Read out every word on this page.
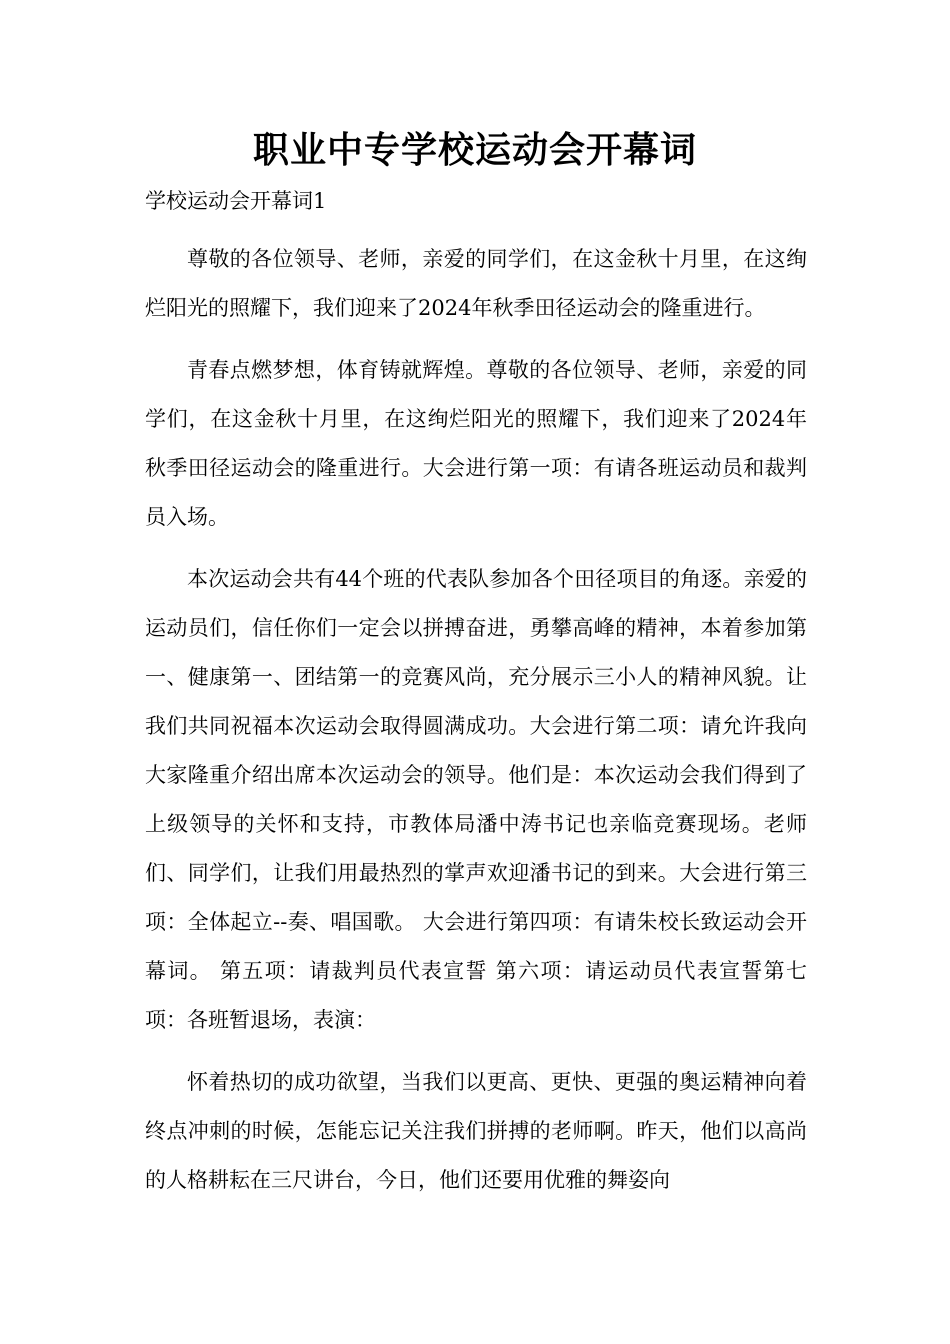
职业中专学校运动会开幕词

学校运动会开幕词1

尊敬的各位领导、老师，亲爱的同学们，在这金秋十月里，在这绚烂阳光的照耀下，我们迎来了2024年秋季田径运动会的隆重进行。

青春点燃梦想，体育铸就辉煌。尊敬的各位领导、老师，亲爱的同学们，在这金秋十月里，在这绚烂阳光的照耀下，我们迎来了2024年秋季田径运动会的隆重进行。大会进行第一项：有请各班运动员和裁判员入场。

本次运动会共有44个班的代表队参加各个田径项目的角逐。亲爱的运动员们，信任你们一定会以拼搏奋进，勇攀高峰的精神，本着参加第一、健康第一、团结第一的竞赛风尚，充分展示三小人的精神风貌。让我们共同祝福本次运动会取得圆满成功。大会进行第二项：请允许我向大家隆重介绍出席本次运动会的领导。他们是：本次运动会我们得到了上级领导的关怀和支持，市教体局潘中涛书记也亲临竞赛现场。老师们、同学们，让我们用最热烈的掌声欢迎潘书记的到来。大会进行第三项：全体起立--奏、唱国歌。 大会进行第四项：有请朱校长致运动会开幕词。 第五项：请裁判员代表宣誓 第六项：请运动员代表宣誓第七项：各班暂退场，表演：

怀着热切的成功欲望，当我们以更高、更快、更强的奥运精神向着终点冲刺的时候，怎能忘记关注我们拼搏的老师啊。昨天，他们以高尚的人格耕耘在三尺讲台，今日，他们还要用优雅的舞姿向
